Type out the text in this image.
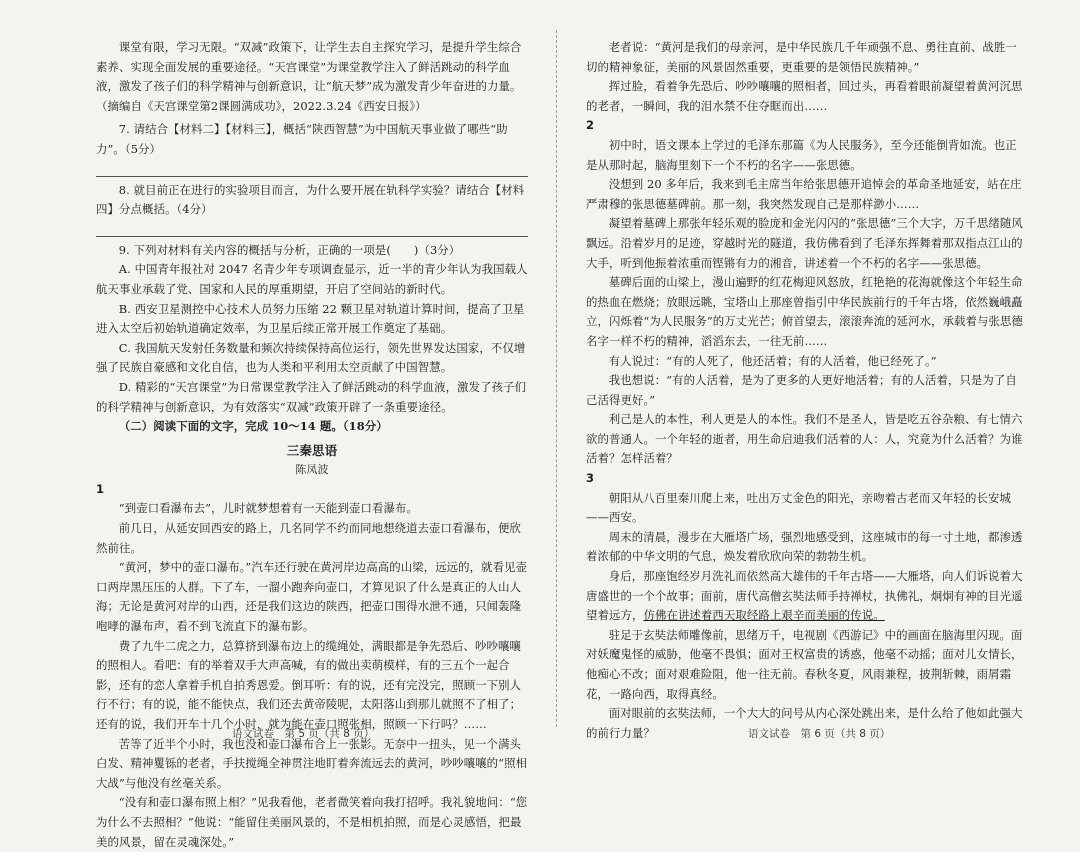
课堂有限，学习无限。“双减”政策下，让学生去自主探究学习，是提升学生综合素养、实现全面发展的重要途径。“天宫课堂”为课堂教学注入了鲜活跳动的科学血液，激发了孩子们的科学精神与创新意识，让“航天梦”成为激发青少年奋进的力量。　　（摘编自《天宫课堂第2课圆满成功》，2022.3.24《西安日报》）

7. 请结合【材料二】【材料三】，概括“陕西智慧”为中国航天事业做了哪些“助力”。（5分）

8. 就目前正在进行的实验项目而言，为什么要开展在轨科学实验？请结合【材料四】分点概括。（4分）

9. 下列对材料有关内容的概括与分析，正确的一项是(　　)（3分）

A. 中国青年报社对 2047 名青少年专项调查显示，近一半的青少年认为我国载人航天事业承载了党、国家和人民的厚重期望，开启了空间站的新时代。

B. 西安卫星测控中心技术人员努力压缩 22 颗卫星对轨道计算时间，提高了卫星进入太空后初始轨道确定效率，为卫星后续正常开展工作奠定了基础。

C. 我国航天发射任务数量和频次持续保持高位运行，领先世界发达国家，不仅增强了民族自豪感和文化自信，也为人类和平利用太空贡献了中国智慧。

D. 精彩的“天宫课堂”为日常课堂教学注入了鲜活跳动的科学血液，激发了孩子们的科学精神与创新意识，为有效落实“双减”政策开辟了一条重要途径。

（二）阅读下面的文字，完成 10～14 题。（18分）

三秦思语

陈凤波

1

“到壶口看瀑布去”，儿时就梦想着有一天能到壶口看瀑布。

前几日，从延安回西安的路上，几名同学不约而同地想绕道去壶口看瀑布，便欣然前往。

“黄河，梦中的壶口瀑布。”汽车还行驶在黄河岸边高高的山梁，远远的，就看见壶口两岸黑压压的人群。下了车，一溜小跑奔向壶口，才算见识了什么是真正的人山人海；无论是黄河对岸的山西，还是我们这边的陕西，把壶口围得水泄不通，只闻轰隆咆哮的瀑布声，看不到飞流直下的瀑布影。

费了九牛二虎之力，总算挤到瀑布边上的缆绳处，满眼都是争先恐后、吵吵嚷嚷的照相人。看吧：有的举着双手大声高喊，有的做出卖萌模样，有的三五个一起合影，还有的恋人拿着手机自拍秀恩爱。倒耳听：有的说，还有完没完，照顾一下别人行不行；有的说，能不能快点，我们还去黄帝陵呢，太阳落山到那儿就照不了相了；还有的说，我们开车十几个小时，就为能在壶口照张相，照顾一下行吗？……

苦等了近半个小时，我也没和壶口瀑布合上一张影。无奈中一扭头，见一个满头白发、精神矍铄的老者，手扶搅绳全神贯注地盯着奔流远去的黄河，吵吵嚷嚷的“照相大战”与他没有丝毫关系。

“没有和壶口瀑布照上相？”见我看他，老者微笑着向我打招呼。我礼貌地问：“您为什么不去照相？”他说：“能留住美丽风景的，不是相机拍照，而是心灵感悟，把最美的风景，留在灵魂深处。”

老者说：“黄河是我们的母亲河，是中华民族几千年顽强不息、勇往直前、战胜一切的精神象征，美丽的风景固然重要，更重要的是领悟民族精神。”

挥过脸，看着争先恐后、吵吵嚷嚷的照相者，回过头，再看着眼前凝望着黄河沉思的老者，一瞬间，我的泪水禁不住夺眶而出……

2

初中时，语文课本上学过的毛泽东那篇《为人民服务》，至今还能倒背如流。也正是从那时起，脑海里刻下一个不朽的名字——张思德。

没想到 20 多年后，我来到毛主席当年给张思德开追悼会的革命圣地延安，站在庄严肃穆的张思德墓碑前。那一刻，我突然发现自己是那样渺小……

凝望着墓碑上那张年轻乐观的脸庞和金光闪闪的“张思德”三个大字，万千思绪随风飘远。沿着岁月的足迹，穿越时光的隧道，我仿佛看到了毛泽东挥舞着那双指点江山的大手，听到他振着浓重而铿锵有力的湘音，讲述着一个不朽的名字——张思德。

墓碑后面的山梁上，漫山遍野的红花梅迎风怒放，红艳艳的花海就像这个年轻生命的热血在燃烧；放眼远眺，宝塔山上那座曾指引中华民族前行的千年古塔，依然巍峨矗立，闪烁着“为人民服务”的万丈光芒；俯首望去，滚滚奔流的延河水，承载着与张思德名字一样不朽的精神，滔滔东去，一往无前……

有人说过：“有的人死了，他还活着；有的人活着，他已经死了。”

我也想说：“有的人活着，是为了更多的人更好地活着；有的人活着，只是为了自己活得更好。”

利己是人的本性，利人更是人的本性。我们不是圣人，皆是吃五谷杂粮、有七情六欲的普通人。一个年轻的逝者，用生命启迪我们活着的人：人，究竟为什么活着？为谁活着？怎样活着？

3

朝阳从八百里秦川爬上来，吐出万丈金色的阳光，亲吻着古老而又年轻的长安城——西安。

周末的清晨，漫步在大雁塔广场，强烈地感受到，这座城市的每一寸土地，都渗透着浓郁的中华文明的气息，焕发着欣欣向荣的勃勃生机。

身后，那座饱经岁月洗礼而依然高大雄伟的千年古塔——大雁塔，向人们诉说着大唐盛世的一个个故事；面前，唐代高僧玄奘法师手持禅杖，执佛礼，炯炯有神的目光遥望着远方，仿佛在讲述着西天取经路上艰辛而美丽的传说。

驻足于玄奘法师雕像前，思绪万千，电视剧《西游记》中的画面在脑海里闪现。面对妖魔鬼怪的威胁，他毫不畏惧；面对王权富贵的诱惑，他毫不动摇；面对儿女情长，他痴心不改；面对艰难险阻，他一往无前。春秋冬夏，风雨兼程，披荆斩棘，雨屑霜花，一路向西，取得真经。

面对眼前的玄奘法师，一个大大的问号从内心深处跳出来，是什么给了他如此强大的前行力量？

语文试卷　第 5 页（共 8 页）	语文试卷　第 6 页（共 8 页）
